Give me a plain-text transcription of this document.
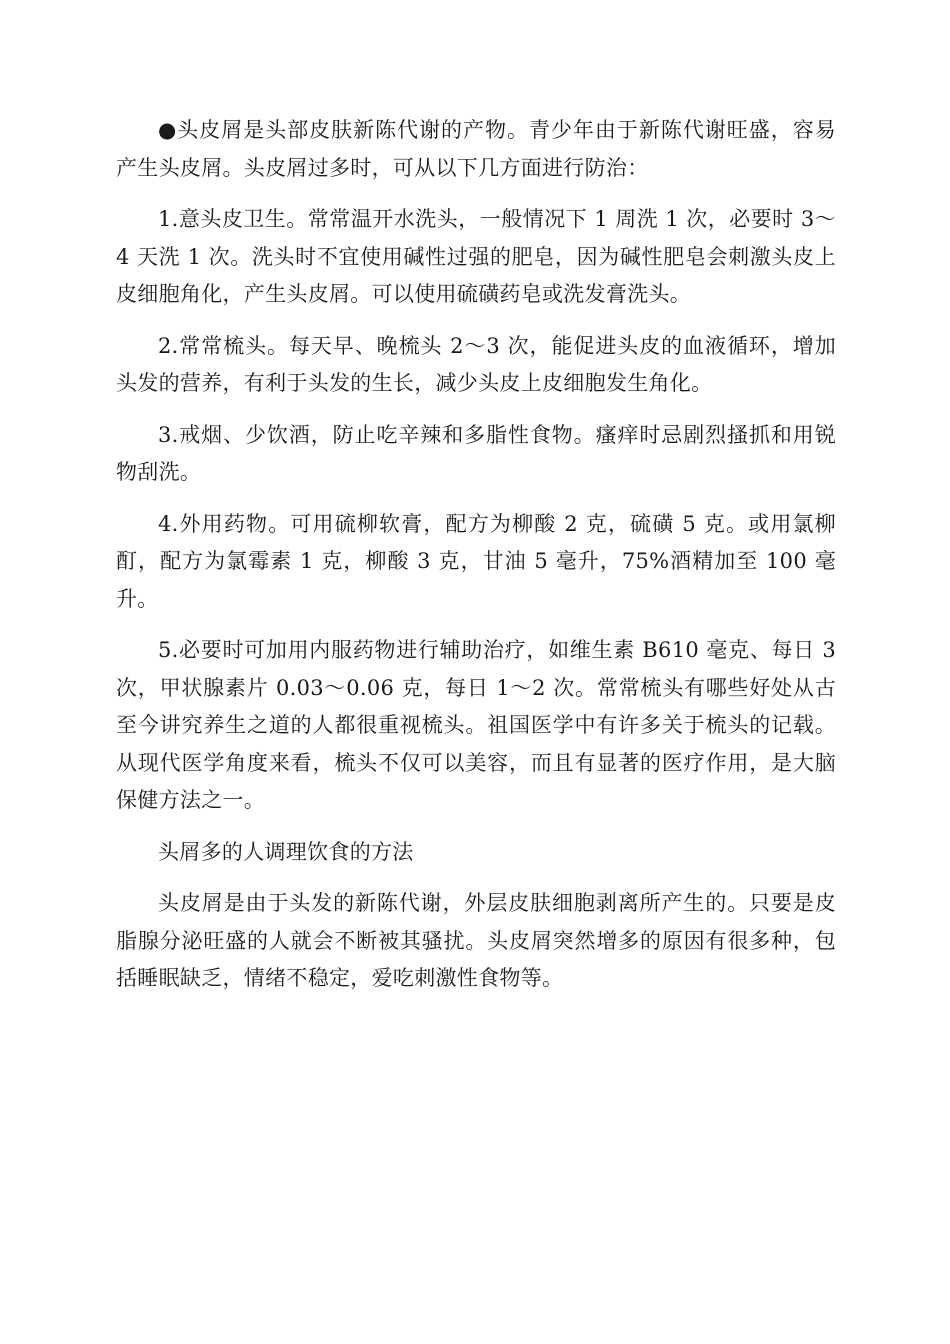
●头皮屑是头部皮肤新陈代谢的产物。青少年由于新陈代谢旺盛，容易产生头皮屑。头皮屑过多时，可从以下几方面进行防治：

1.意头皮卫生。常常温开水洗头，一般情况下 1 周洗 1 次，必要时 3～4 天洗 1 次。洗头时不宜使用碱性过强的肥皂，因为碱性肥皂会刺激头皮上皮细胞角化，产生头皮屑。可以使用硫磺药皂或洗发膏洗头。

2.常常梳头。每天早、晚梳头 2～3 次，能促进头皮的血液循环，增加头发的营养，有利于头发的生长，减少头皮上皮细胞发生角化。

3.戒烟、少饮酒，防止吃辛辣和多脂性食物。瘙痒时忌剧烈搔抓和用锐物刮洗。

4.外用药物。可用硫柳软膏，配方为柳酸 2 克，硫磺 5 克。或用氯柳酊，配方为氯霉素 1 克，柳酸 3 克，甘油 5 毫升，75%酒精加至 100 毫升。

5.必要时可加用内服药物进行辅助治疗，如维生素 B610 毫克、每日 3 次，甲状腺素片 0.03～0.06 克，每日 1～2 次。常常梳头有哪些好处从古至今讲究养生之道的人都很重视梳头。祖国医学中有许多关于梳头的记载。从现代医学角度来看，梳头不仅可以美容，而且有显著的医疗作用，是大脑保健方法之一。

头屑多的人调理饮食的方法

头皮屑是由于头发的新陈代谢，外层皮肤细胞剥离所产生的。只要是皮脂腺分泌旺盛的人就会不断被其骚扰。头皮屑突然增多的原因有很多种，包括睡眠缺乏，情绪不稳定，爱吃刺激性食物等。
